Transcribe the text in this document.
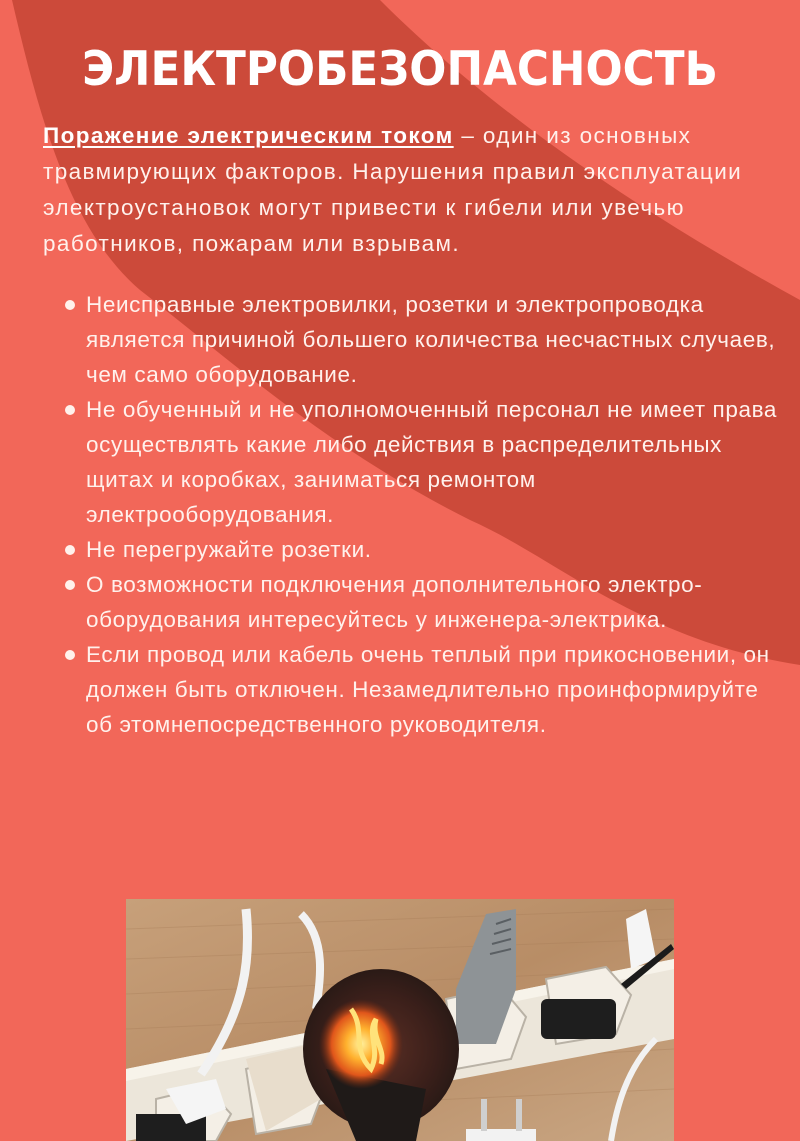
ЭЛЕКТРОБЕЗОПАСНОСТЬ

Поражение электрическим током – один из основных травмирующих факторов. Нарушения правил эксплуатации электроустановок могут привести к гибели или увечью работников, пожарам или взрывам.

Неисправные электровилки, розетки и электропроводка является причиной большего количества несчастных случаев, чем само оборудование.
Не обученный и не уполномоченный персонал не имеет права осуществлять какие либо действия в распределительных щитах и коробках, заниматься ремонтом электрооборудования.
Не перегружайте розетки.
О возможности подключения дополнительного электро-оборудования интересуйтесь у инженера-электрика.
Если провод или кабель очень теплый при прикосновении, он должен быть отключен. Незамедлительно проинформируйте об этомнепосредственного руководителя.
